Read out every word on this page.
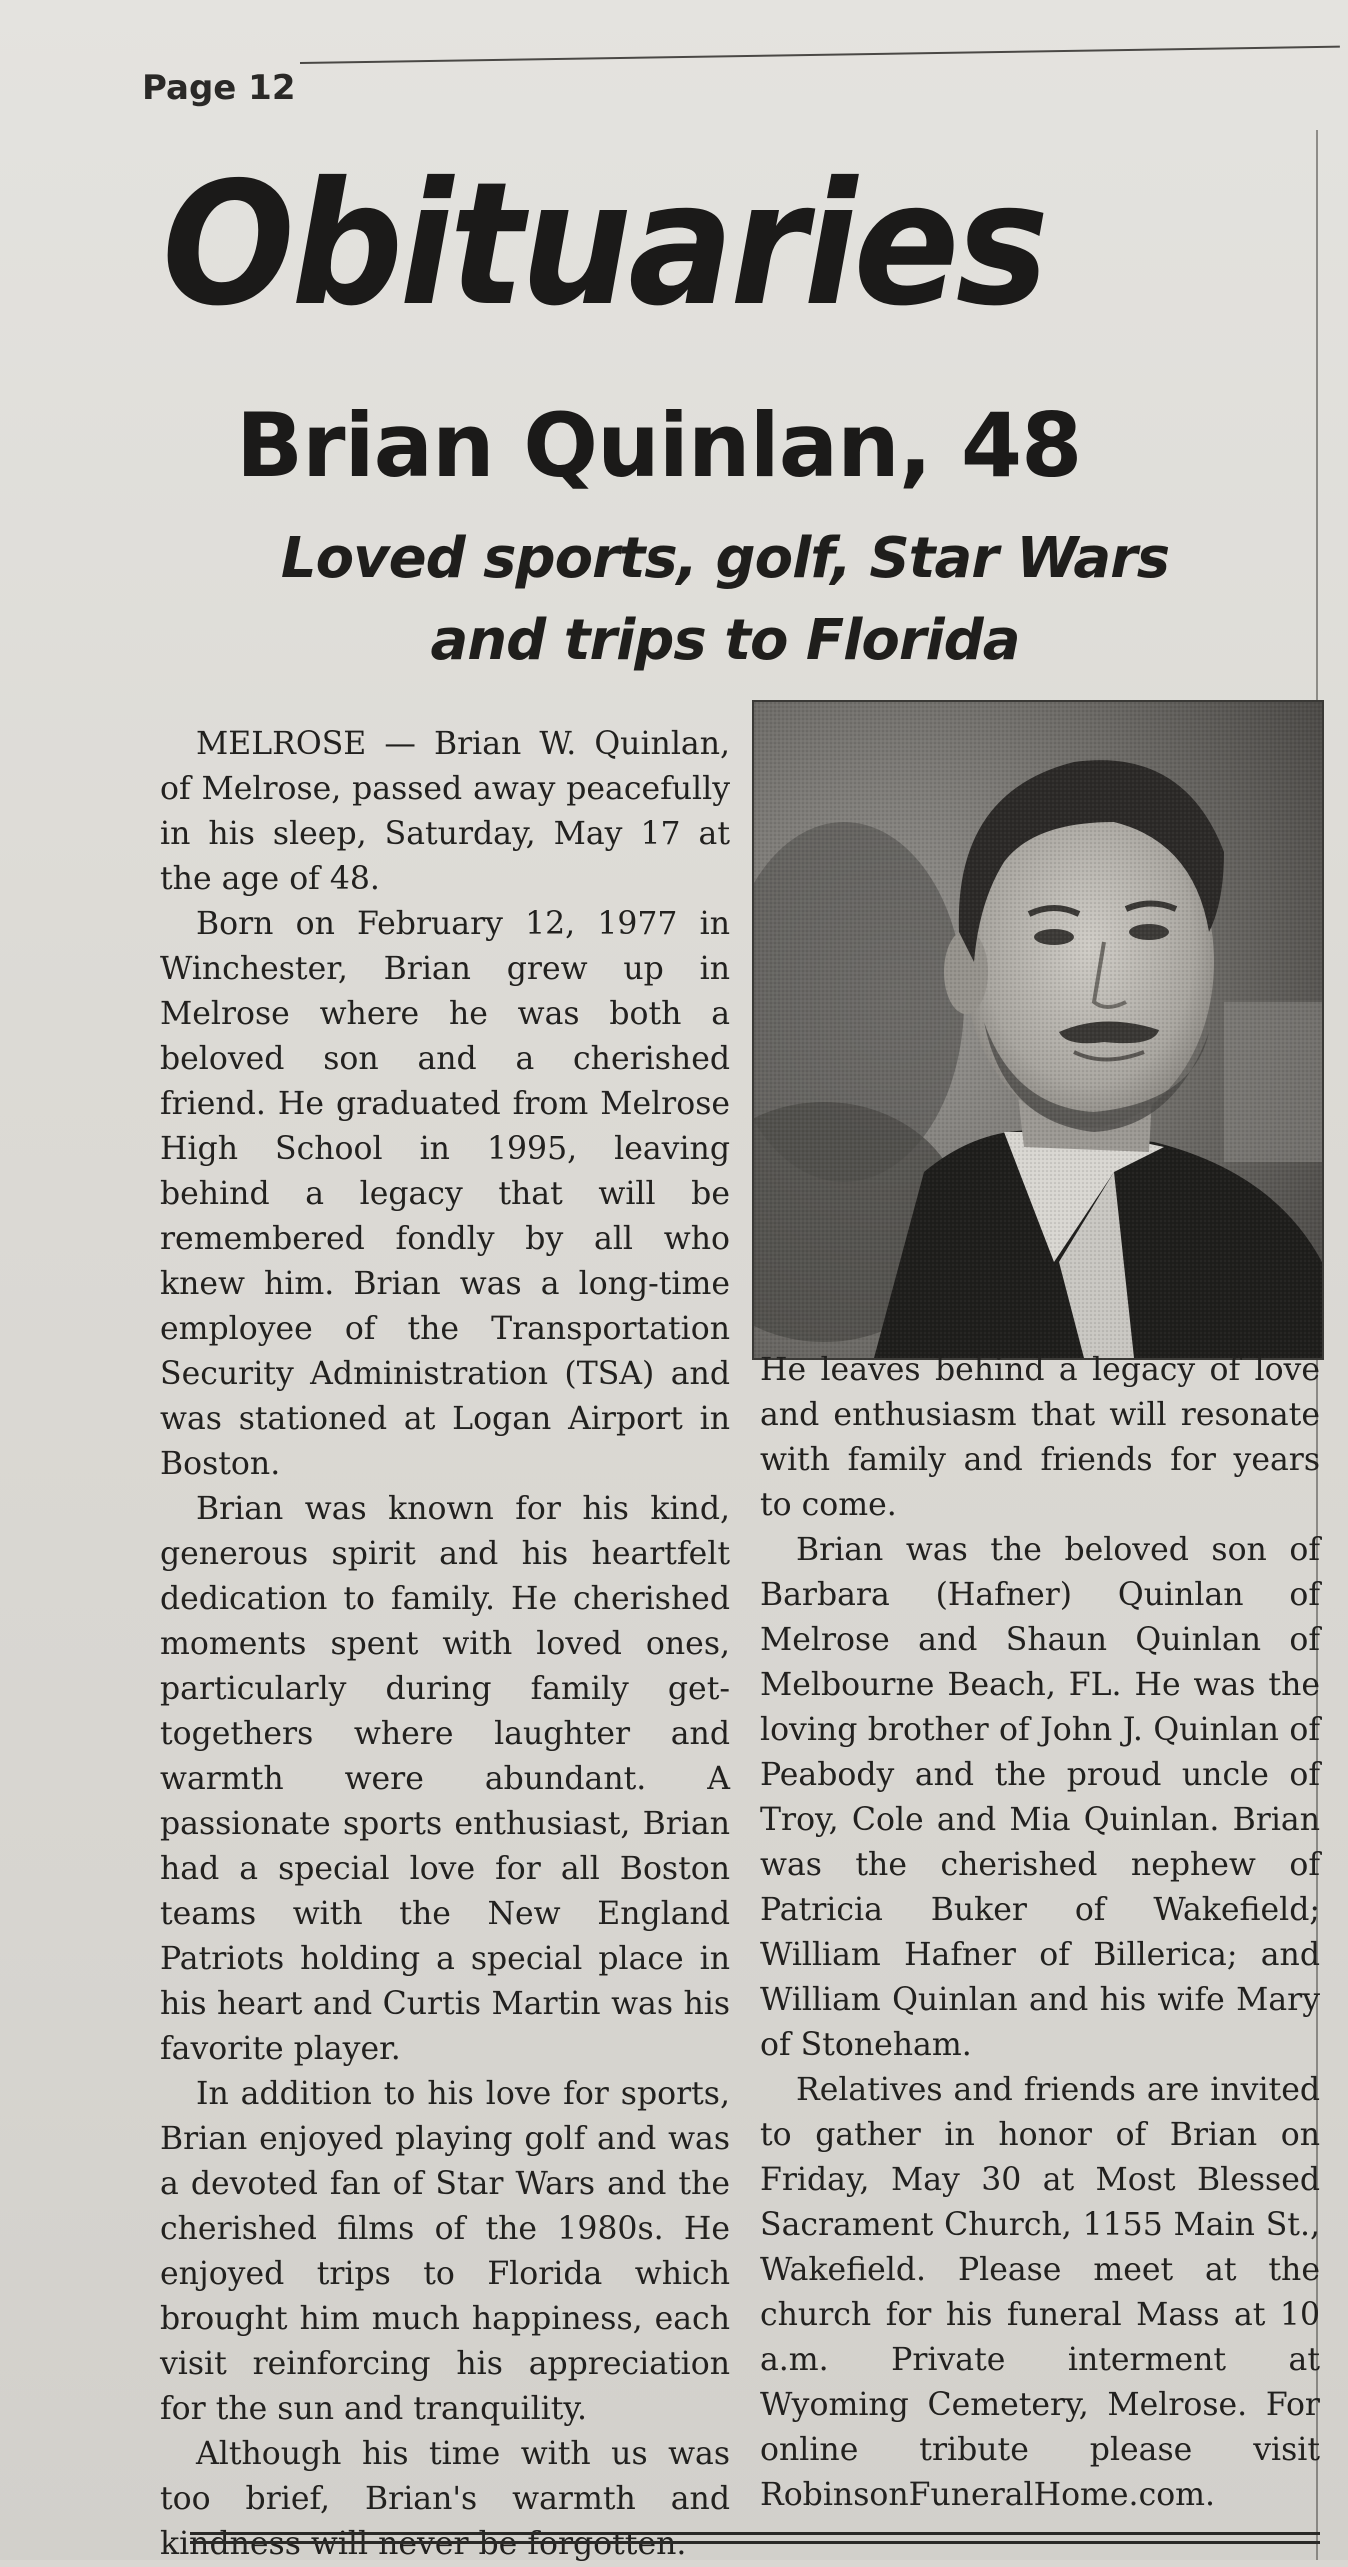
Page 12
Obituaries
Brian Quinlan, 48
Loved sports, golf, Star Wars
and trips to Florida

MELROSE — Brian W. Quinlan, of Melrose, passed away peacefully in his sleep, Saturday, May 17 at the age of 48.

Born on February 12, 1977 in Winchester, Brian grew up in Melrose where he was both a beloved son and a cherished friend. He graduated from Melrose High School in 1995, leaving behind a legacy that will be remembered fondly by all who knew him. Brian was a long-time employee of the Transportation Security Administration (TSA) and was stationed at Logan Airport in Boston.

Brian was known for his kind, generous spirit and his heartfelt dedication to family. He cherished moments spent with loved ones, particularly during family get-togethers where laughter and warmth were abundant. A passionate sports enthusiast, Brian had a special love for all Boston teams with the New England Patriots holding a special place in his heart and Curtis Martin was his favorite player.

In addition to his love for sports, Brian enjoyed playing golf and was a devoted fan of Star Wars and the cherished films of the 1980s. He enjoyed trips to Florida which brought him much happiness, each visit reinforcing his appreciation for the sun and tranquility.

Although his time with us was too brief, Brian's warmth and kindness will never be forgotten.

He leaves behind a legacy of love and enthusiasm that will resonate with family and friends for years to come.

Brian was the beloved son of Barbara (Hafner) Quinlan of Melrose and Shaun Quinlan of Melbourne Beach, FL. He was the loving brother of John J. Quinlan of Peabody and the proud uncle of Troy, Cole and Mia Quinlan. Brian was the cherished nephew of Patricia Buker of Wakefield; William Hafner of Billerica; and William Quinlan and his wife Mary of Stoneham.

Relatives and friends are invited to gather in honor of Brian on Friday, May 30 at Most Blessed Sacrament Church, 1155 Main St., Wakefield. Please meet at the church for his funeral Mass at 10 a.m. Private interment at Wyoming Cemetery, Melrose. For online tribute please visit RobinsonFuneralHome.com.
